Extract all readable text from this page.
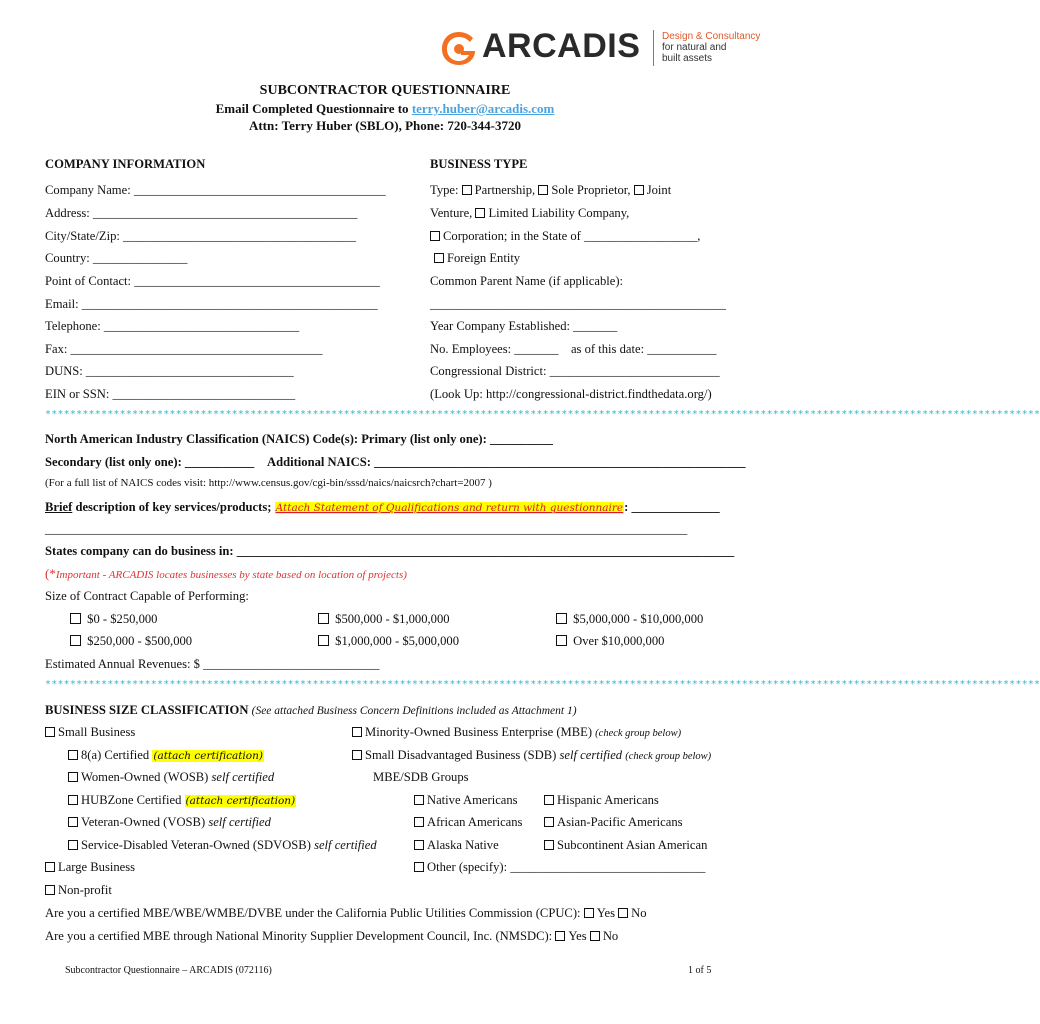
ARCADIS Design & Consultancy
for natural and
built assets
SUBCONTRACTOR QUESTIONNAIRE
Email Completed Questionnaire to terry.huber@arcadis.com
Attn: Terry Huber (SBLO), Phone: 720-344-3720
COMPANY INFORMATION
Company Name: ________________________________________
Address: __________________________________________
City/State/Zip: _____________________________________
Country: _______________
Point of Contact: _______________________________________
Email: _______________________________________________
Telephone: _______________________________
Fax: ________________________________________
DUNS: _________________________________
EIN or SSN: _____________________________
BUSINESS TYPE
Type: Partnership, Sole Proprietor, Joint
Venture, Limited Liability Company,
Corporation; in the State of __________________,
Foreign Entity
Common Parent Name (if applicable):
_______________________________________________
Year Company Established: _______
No. Employees: _______    as of this date: ___________
Congressional District: ___________________________
(Look Up: http://congressional-district.findthedata.org/)
****************************************************************************************************************************************************************
North American Industry Classification (NAICS) Code(s): Primary (list only one): __________
Secondary (list only one): ___________ Additional NAICS: ___________________________________________________________
(For a full list of NAICS codes visit: http://www.census.gov/cgi-bin/sssd/naics/naicsrch?chart=2007 )
Brief description of key services/products; Attach Statement of Qualifications and return with questionnaire: ______________
______________________________________________________________________________________________________
States company can do business in: _______________________________________________________________________________
(*Important - ARCADIS locates businesses by state based on location of projects)
Size of Contract Capable of Performing:
$0 - $250,000	$500,000 - $1,000,000	$5,000,000 - $10,000,000
$250,000 - $500,000	$1,000,000 - $5,000,000	Over $10,000,000
Estimated Annual Revenues: $ ____________________________
****************************************************************************************************************************************************************
BUSINESS SIZE CLASSIFICATION (See attached Business Concern Definitions included as Attachment 1)
Small Business
8(a) Certified (attach certification)
Women-Owned (WOSB) self certified
HUBZone Certified (attach certification)
Veteran-Owned (VOSB) self certified
Service-Disabled Veteran-Owned (SDVOSB) self certified
Large Business
Non-profit
Minority-Owned Business Enterprise (MBE) (check group below)
Small Disadvantaged Business (SDB) self certified (check group below)
MBE/SDB Groups
Native Americans	Hispanic Americans
African Americans	Asian-Pacific Americans
Alaska Native	Subcontinent Asian American
Other (specify): _______________________________
Are you a certified MBE/WBE/WMBE/DVBE under the California Public Utilities Commission (CPUC): Yes No
Are you a certified MBE through National Minority Supplier Development Council, Inc. (NMSDC): Yes No
Subcontractor Questionnaire – ARCADIS (072116)	1 of 5
